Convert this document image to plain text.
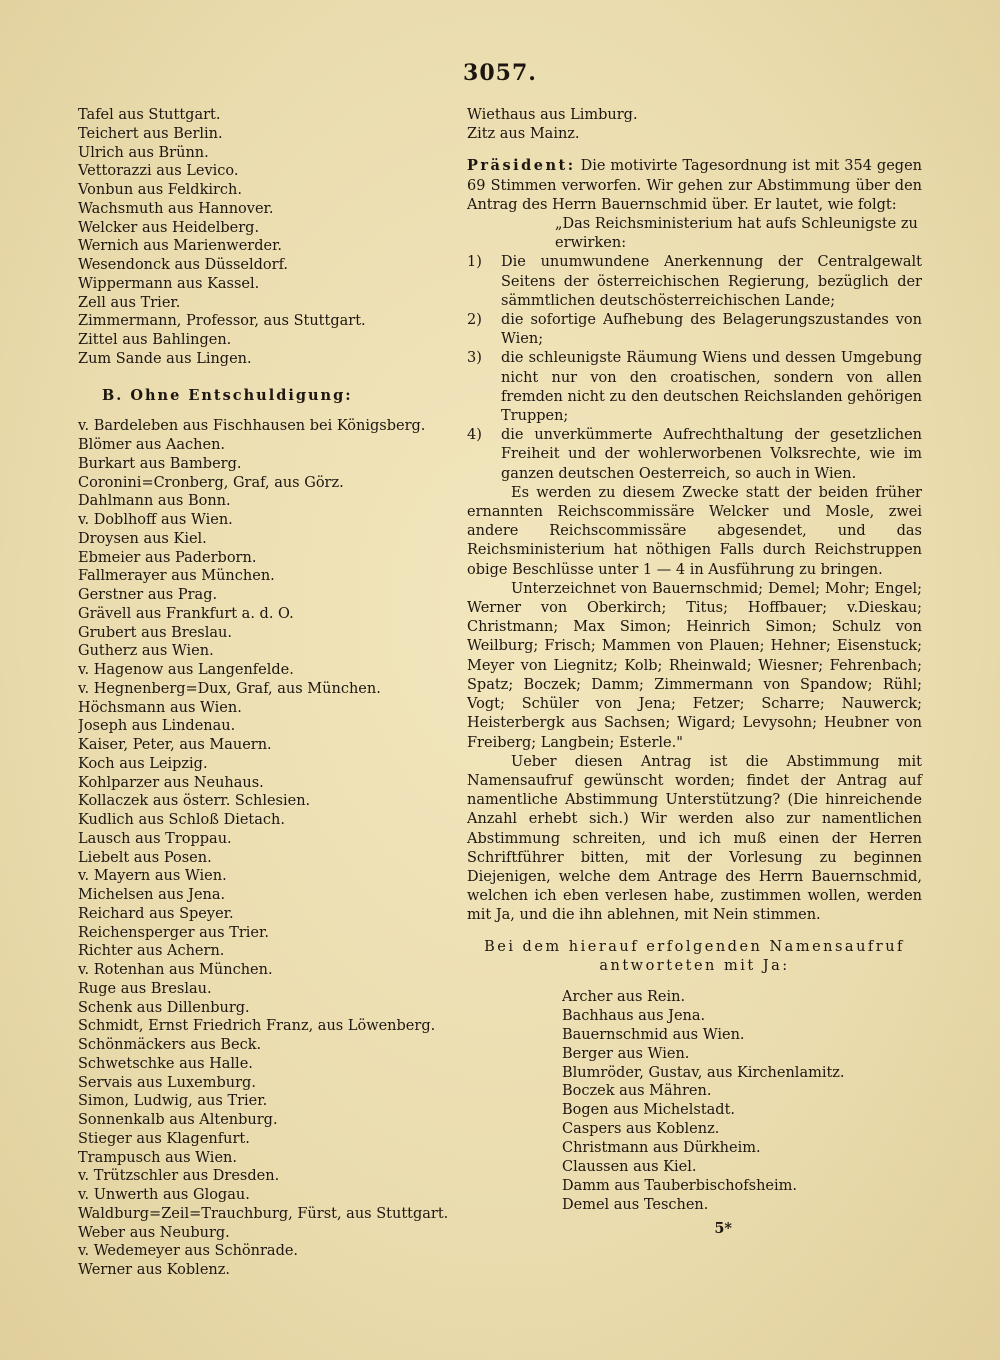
3057.
Tafel aus Stuttgart.
Teichert aus Berlin.
Ulrich aus Brünn.
Vettorazzi aus Levico.
Vonbun aus Feldkirch.
Wachsmuth aus Hannover.
Welcker aus Heidelberg.
Wernich aus Marienwerder.
Wesendonck aus Düsseldorf.
Wippermann aus Kassel.
Zell aus Trier.
Zimmermann, Professor, aus Stuttgart.
Zittel aus Bahlingen.
Zum Sande aus Lingen.
B. Ohne Entschuldigung:
v. Bardeleben aus Fischhausen bei Königsberg.
Blömer aus Aachen.
Burkart aus Bamberg.
Coronini=Cronberg, Graf, aus Görz.
Dahlmann aus Bonn.
v. Doblhoff aus Wien.
Droysen aus Kiel.
Ebmeier aus Paderborn.
Fallmerayer aus München.
Gerstner aus Prag.
Grävell aus Frankfurt a. d. O.
Grubert aus Breslau.
Gutherz aus Wien.
v. Hagenow aus Langenfelde.
v. Hegnenberg=Dux, Graf, aus München.
Höchsmann aus Wien.
Joseph aus Lindenau.
Kaiser, Peter, aus Mauern.
Koch aus Leipzig.
Kohlparzer aus Neuhaus.
Kollaczek aus österr. Schlesien.
Kudlich aus Schloß Dietach.
Lausch aus Troppau.
Liebelt aus Posen.
v. Mayern aus Wien.
Michelsen aus Jena.
Reichard aus Speyer.
Reichensperger aus Trier.
Richter aus Achern.
v. Rotenhan aus München.
Ruge aus Breslau.
Schenk aus Dillenburg.
Schmidt, Ernst Friedrich Franz, aus Löwenberg.
Schönmäckers aus Beck.
Schwetschke aus Halle.
Servais aus Luxemburg.
Simon, Ludwig, aus Trier.
Sonnenkalb aus Altenburg.
Stieger aus Klagenfurt.
Trampusch aus Wien.
v. Trützschler aus Dresden.
v. Unwerth aus Glogau.
Waldburg=Zeil=Trauchburg, Fürst, aus Stuttgart.
Weber aus Neuburg.
v. Wedemeyer aus Schönrade.
Werner aus Koblenz.
Wiethaus aus Limburg.
Zitz aus Mainz.
Präsident: Die motivirte Tagesordnung ist mit 354 gegen 69 Stimmen verworfen. Wir gehen zur Abstimmung über den Antrag des Herrn Bauernschmid über. Er lautet, wie folgt:
„Das Reichsministerium hat aufs Schleunigste zu erwirken:
1)	Die unumwundene Anerkennung der Centralgewalt Seitens der österreichischen Regierung, bezüglich der sämmtlichen deutschösterreichischen Lande;
2)	die sofortige Aufhebung des Belagerungszustandes von Wien;
3)	die schleunigste Räumung Wiens und dessen Umgebung nicht nur von den croatischen, sondern von allen fremden nicht zu den deutschen Reichslanden gehörigen Truppen;
4)	die unverkümmerte Aufrechthaltung der gesetzlichen Freiheit und der wohlerworbenen Volksrechte, wie im ganzen deutschen Oesterreich, so auch in Wien.
Es werden zu diesem Zwecke statt der beiden früher ernannten Reichscommissäre Welcker und Mosle, zwei andere Reichscommissäre abgesendet, und das Reichsministerium hat nöthigen Falls durch Reichstruppen obige Beschlüsse unter 1 — 4 in Ausführung zu bringen.
Unterzeichnet von Bauernschmid; Demel; Mohr; Engel; Werner von Oberkirch; Titus; Hoffbauer; v.Dieskau; Christmann; Max Simon; Heinrich Simon; Schulz von Weilburg; Frisch; Mammen von Plauen; Hehner; Eisenstuck; Meyer von Liegnitz; Kolb; Rheinwald; Wiesner; Fehrenbach; Spatz; Boczek; Damm; Zimmermann von Spandow; Rühl; Vogt; Schüler von Jena; Fetzer; Scharre; Nauwerck; Heisterbergk aus Sachsen; Wigard; Levysohn; Heubner von Freiberg; Langbein; Esterle."
Ueber diesen Antrag ist die Abstimmung mit Namensaufruf gewünscht worden; findet der Antrag auf namentliche Abstimmung Unterstützung? (Die hinreichende Anzahl erhebt sich.) Wir werden also zur namentlichen Abstimmung schreiten, und ich muß einen der Herren Schriftführer bitten, mit der Vorlesung zu beginnen Diejenigen, welche dem Antrage des Herrn Bauernschmid, welchen ich eben verlesen habe, zustimmen wollen, werden mit Ja, und die ihn ablehnen, mit Nein stimmen.
Bei dem hierauf erfolgenden Namensaufruf
antworteten mit Ja:
Archer aus Rein.
Bachhaus aus Jena.
Bauernschmid aus Wien.
Berger aus Wien.
Blumröder, Gustav, aus Kirchenlamitz.
Boczek aus Mähren.
Bogen aus Michelstadt.
Caspers aus Koblenz.
Christmann aus Dürkheim.
Claussen aus Kiel.
Damm aus Tauberbischofsheim.
Demel aus Teschen.
5*
